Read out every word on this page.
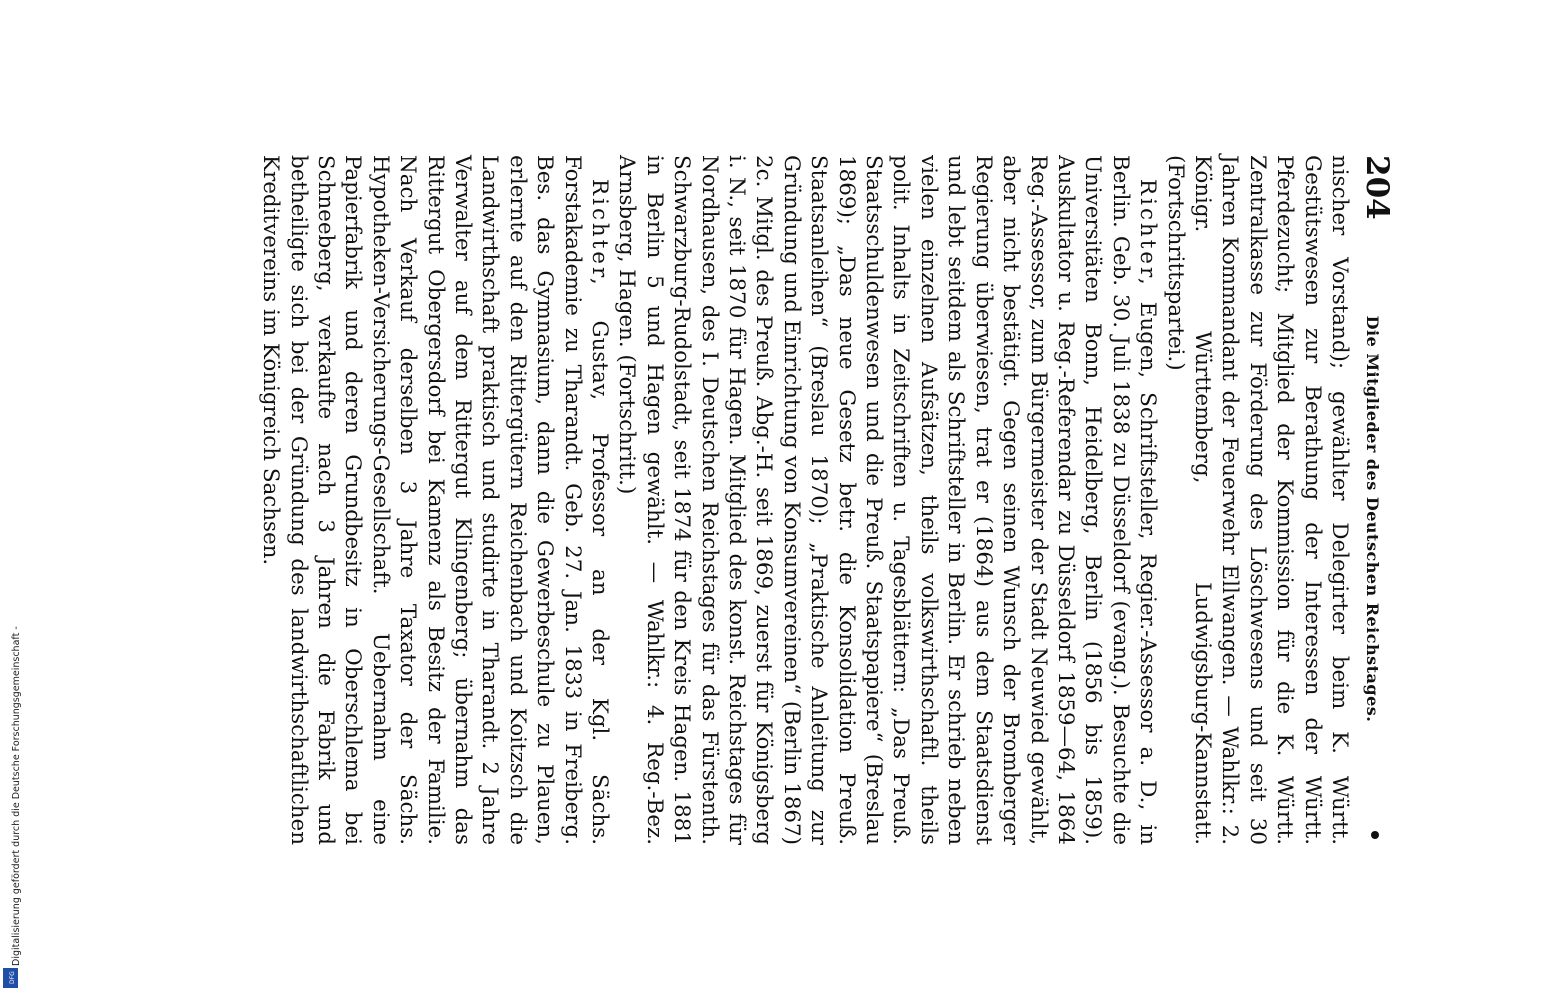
Digitalisierung gefördert durch die Deutsche Forschungsgemeinschaft -
DFG
204
Die Mitglieder des Deutschen Reichstages.

nischer Vorstand); gewählter Delegirter beim K. Württ. Gestütswesen zur Berathung der Interessen der Württ. Pferdezucht; Mitglied der Kommission für die K. Württ. Zentralkasse zur Förderung des Löschwesens und seit 30 Jahren Kommandant der Feuerwehr Ellwangen. — Wahlkr.: 2. Königr. Württemberg, Ludwigsburg-Kannstatt. (Fortschrittspartei.)

Richter, Eugen, Schriftsteller, Regier.-Assessor a. D., in Berlin. Geb. 30. Juli 1838 zu Düsseldorf (evang.). Besuchte die Universitäten Bonn, Heidelberg, Berlin (1856 bis 1859). Auskultator u. Reg.-Referendar zu Düsseldorf 1859—64, 1864 Reg.-Assessor, zum Bürgermeister der Stadt Neuwied gewählt, aber nicht bestätigt. Gegen seinen Wunsch der Bromberger Regierung überwiesen, trat er (1864) aus dem Staatsdienst und lebt seitdem als Schriftsteller in Berlin. Er schrieb neben vielen einzelnen Aufsätzen, theils volkswirthschaftl. theils polit. Inhalts in Zeitschriften u. Tagesblättern: „Das Preuß. Staatsschuldenwesen und die Preuß. Staatspapiere“ (Breslau 1869); „Das neue Gesetz betr. die Konsolidation Preuß. Staatsanleihen“ (Breslau 1870); „Praktische Anleitung zur Gründung und Einrichtung von Konsumvereinen“ (Berlin 1867) 2c. Mitgl. des Preuß. Abg.-H. seit 1869, zuerst für Königsberg i. N., seit 1870 für Hagen. Mitglied des konst. Reichstages für Nordhausen, des I. Deutschen Reichstages für das Fürstenth. Schwarzburg-Rudolstadt, seit 1874 für den Kreis Hagen. 1881 in Berlin 5 und Hagen gewählt. — Wahlkr.: 4. Reg.-Bez. Arnsberg, Hagen. (Fortschritt.)

Richter, Gustav, Professor an der Kgl. Sächs. Forstakademie zu Tharandt. Geb. 27. Jan. 1833 in Freiberg. Bes. das Gymnasium, dann die Gewerbeschule zu Plauen, erlernte auf den Rittergütern Reichenbach und Koitzsch die Landwirthschaft praktisch und studirte in Tharandt. 2 Jahre Verwalter auf dem Rittergut Klingenberg; übernahm das Rittergut Obergersdorf bei Kamenz als Besitz der Familie. Nach Verkauf derselben 3 Jahre Taxator der Sächs. Hypotheken-Versicherungs-Gesellschaft. Uebernahm eine Papierfabrik und deren Grundbesitz in Oberschlema bei Schneeberg, verkaufte nach 3 Jahren die Fabrik und betheiligte sich bei der Gründung des landwirthschaftlichen Kreditvereins im Königreich Sachsen.
